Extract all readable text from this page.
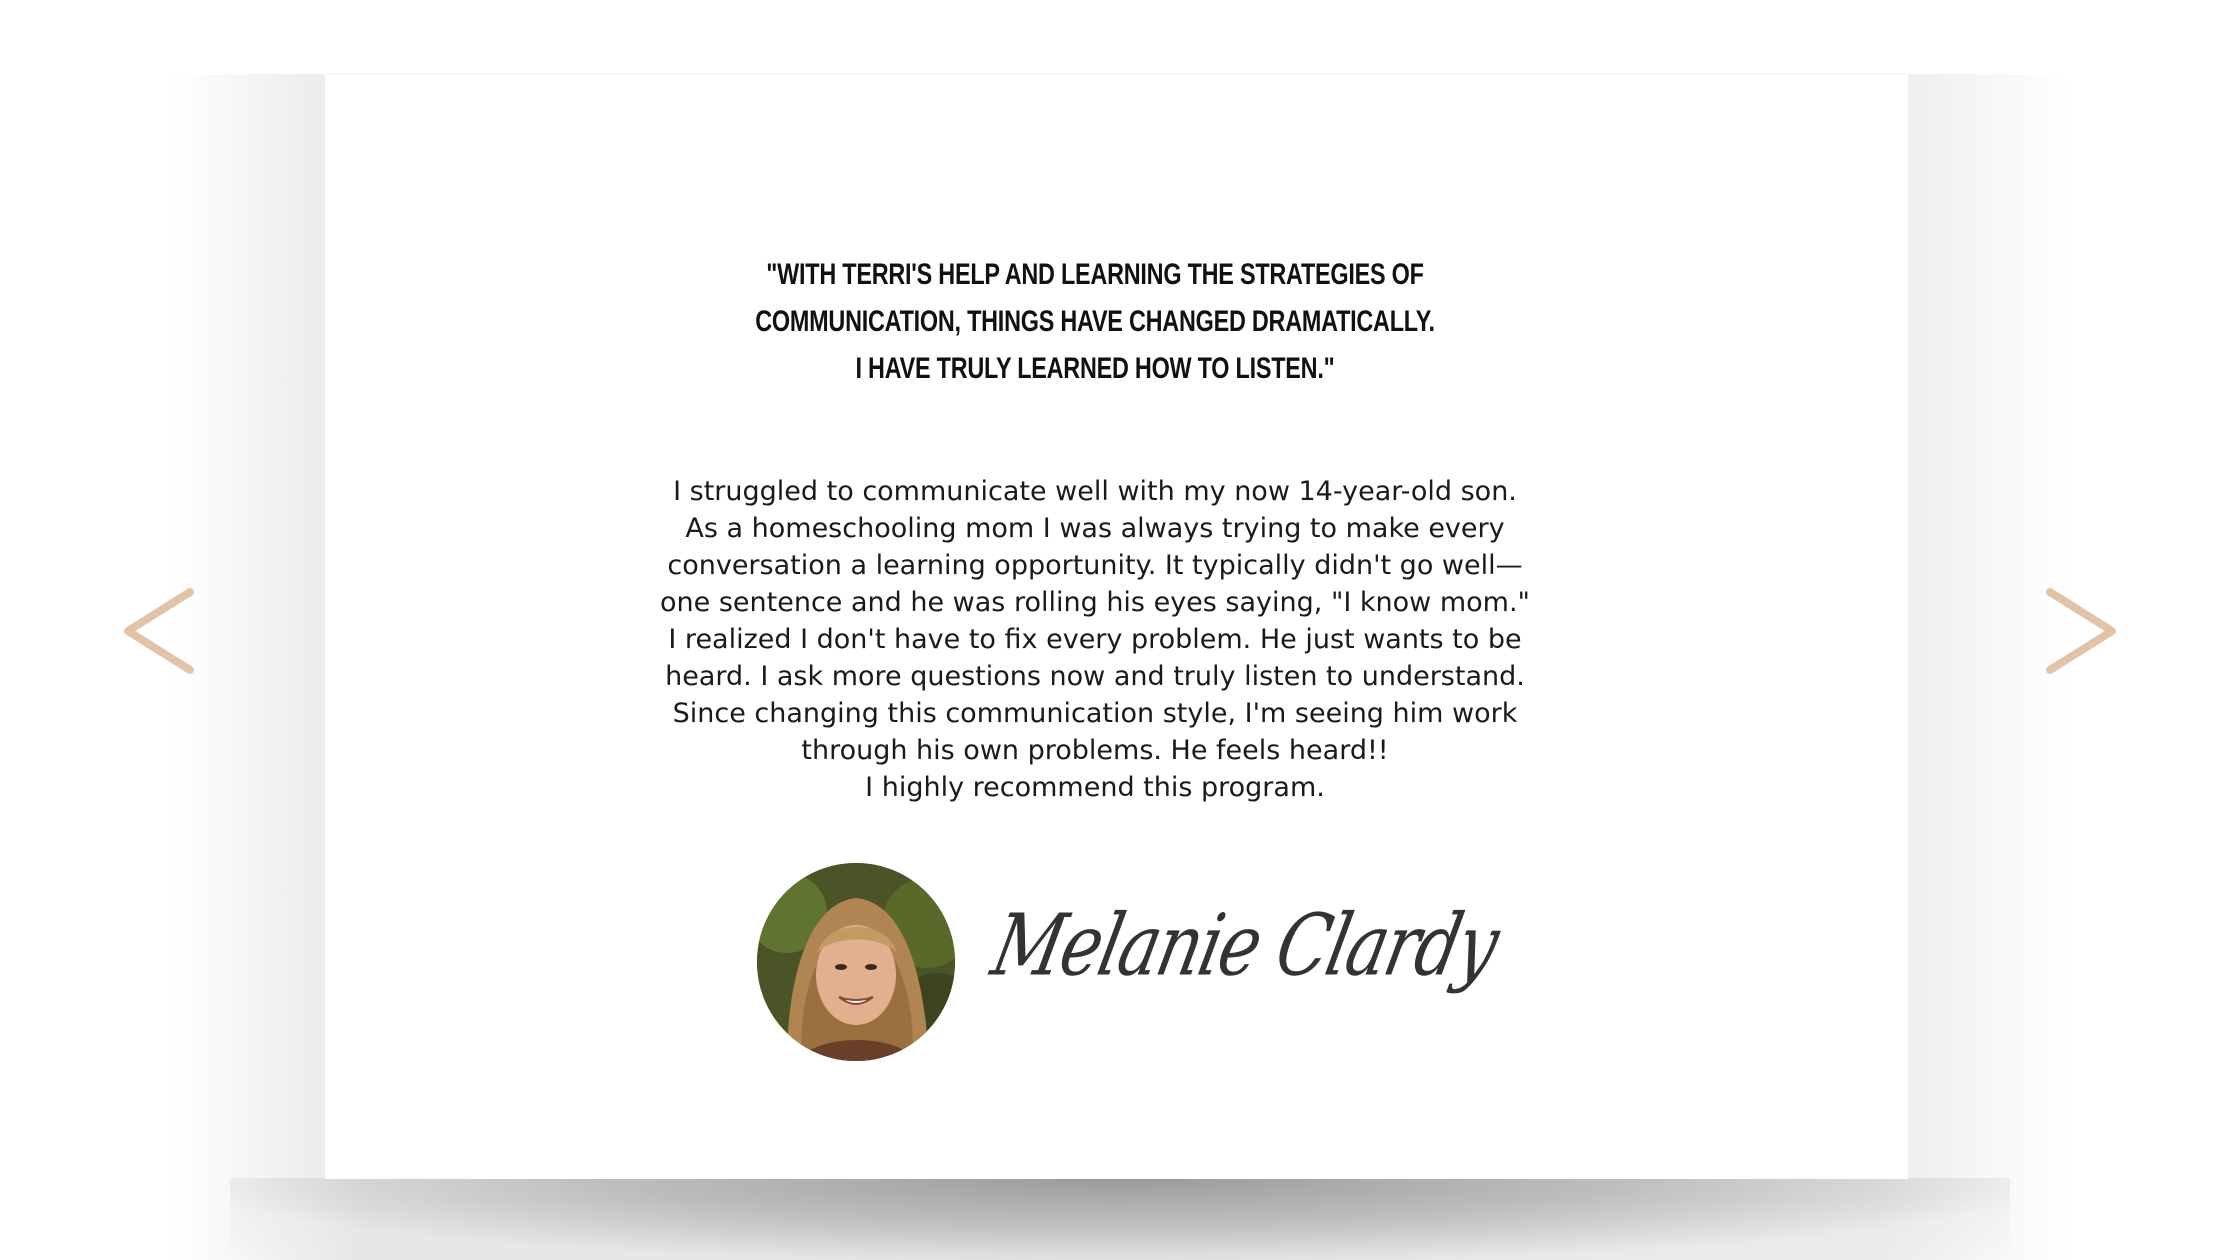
"WITH TERRI'S HELP AND LEARNING THE STRATEGIES OF
COMMUNICATION, THINGS HAVE CHANGED DRAMATICALLY.
I HAVE TRULY LEARNED HOW TO LISTEN."
I struggled to communicate well with my now 14-year-old son.
As a homeschooling mom I was always trying to make every
conversation a learning opportunity. It typically didn't go well—
one sentence and he was rolling his eyes saying, "I know mom."
I realized I don't have to fix every problem. He just wants to be
heard. I ask more questions now and truly listen to understand.
Since changing this communication style, I'm seeing him work
through his own problems. He feels heard!!
I highly recommend this program.
Melanie Clardy
